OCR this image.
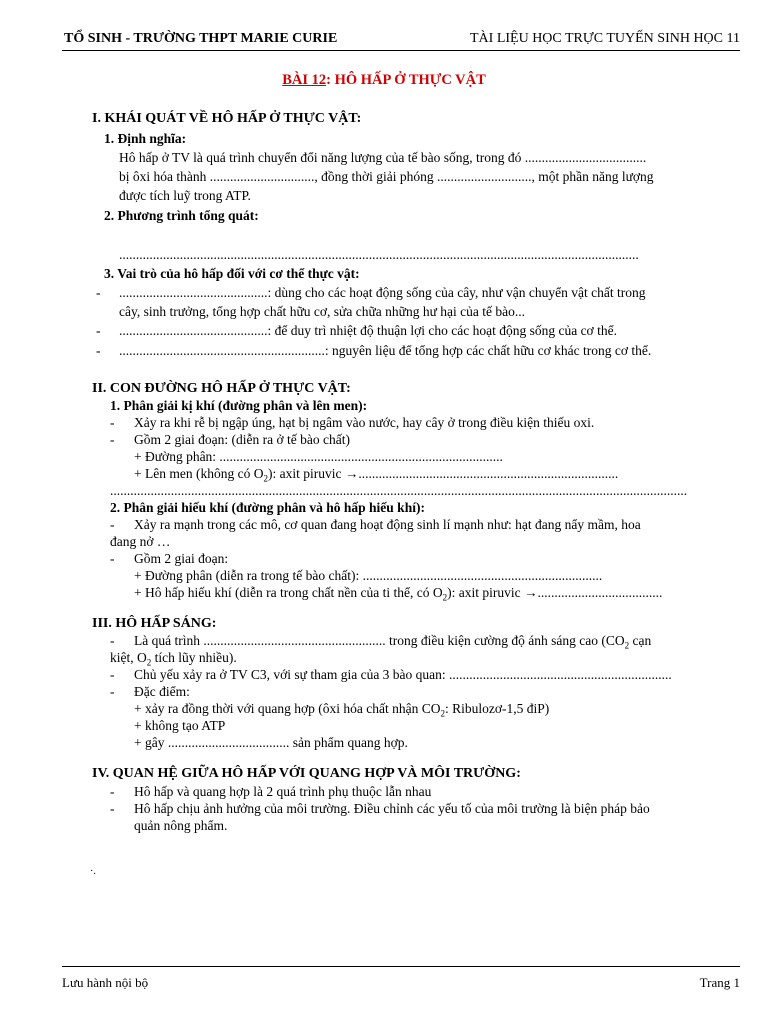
TỔ SINH - TRƯỜNG THPT MARIE CURIE	TÀI LIỆU HỌC TRỰC TUYẾN SINH HỌC 11
BÀI 12: HÔ HẤP Ở THỰC VẬT
I. KHÁI QUÁT VỀ HÔ HẤP Ở THỰC VẬT:
1. Định nghĩa:
Hô hấp ở TV là quá trình chuyển đổi năng lượng của tế bào sống, trong đó ....................................
bị ôxi hóa thành ..............................., đồng thời giải phóng ............................, một phần năng lượng
được tích luỹ trong ATP.
2. Phương trình tổng quát:
..........................................................................................................................................................
3. Vai trò của hô hấp đối với cơ thể thực vật:
- ............................................: dùng cho các hoạt động sống của cây, như vận chuyển vật chất trong
cây, sinh trưởng, tổng hợp chất hữu cơ, sửa chữa những hư hại của tế bào...
- ............................................: để duy trì nhiệt độ thuận lợi cho các hoạt động sống của cơ thể.
- .............................................................: nguyên liệu để tổng hợp các chất hữu cơ khác trong cơ thể.
II. CON ĐƯỜNG HÔ HẤP Ở THỰC VẬT:
1. Phân giải kị khí (đường phân và lên men):
- Xảy ra khi rễ bị ngập úng, hạt bị ngâm vào nước, hay cây ở trong điều kiện thiếu oxi.
- Gồm 2 giai đoạn: (diễn ra ở tế bào chất)
+ Đường phân: ....................................................................................
+ Lên men (không có $O_2$): axit piruvic →.............................................................................
...........................................................................................................................................................................
2. Phân giải hiếu khí (đường phân và hô hấp hiếu khí):
- Xảy ra mạnh trong các mô, cơ quan đang hoạt động sinh lí mạnh như: hạt đang nẩy mầm, hoa
đang nở …
- Gồm 2 giai đoạn:
+ Đường phân (diễn ra trong tế bào chất): .......................................................................
+ Hô hấp hiếu khí (diễn ra trong chất nền của ti thể, có $O_2$): axit piruvic →.....................................
III. HÔ HẤP SÁNG:
- Là quá trình ...................................................... trong điều kiện cường độ ánh sáng cao ($CO_2$ cạn
kiệt, $O_2$ tích lũy nhiều).
- Chủ yếu xảy ra ở TV C3, với sự tham gia của 3 bào quan: ..................................................................
- Đặc điểm:
+ xảy ra đồng thời với quang hợp (ôxi hóa chất nhận $CO_2$: Ribulozơ-1,5 điP)
+ không tạo ATP
+ gây .................................... sản phẩm quang hợp.
IV. QUAN HỆ GIỮA HÔ HẤP VỚI QUANG HỢP VÀ MÔI TRƯỜNG:
- Hô hấp và quang hợp là 2 quá trình phụ thuộc lẫn nhau
- Hô hấp chịu ảnh hưởng của môi trường. Điều chỉnh các yếu tố của môi trường là biện pháp bảo
quản nông phẩm.
·.
Lưu hành nội bộ	Trang 1
